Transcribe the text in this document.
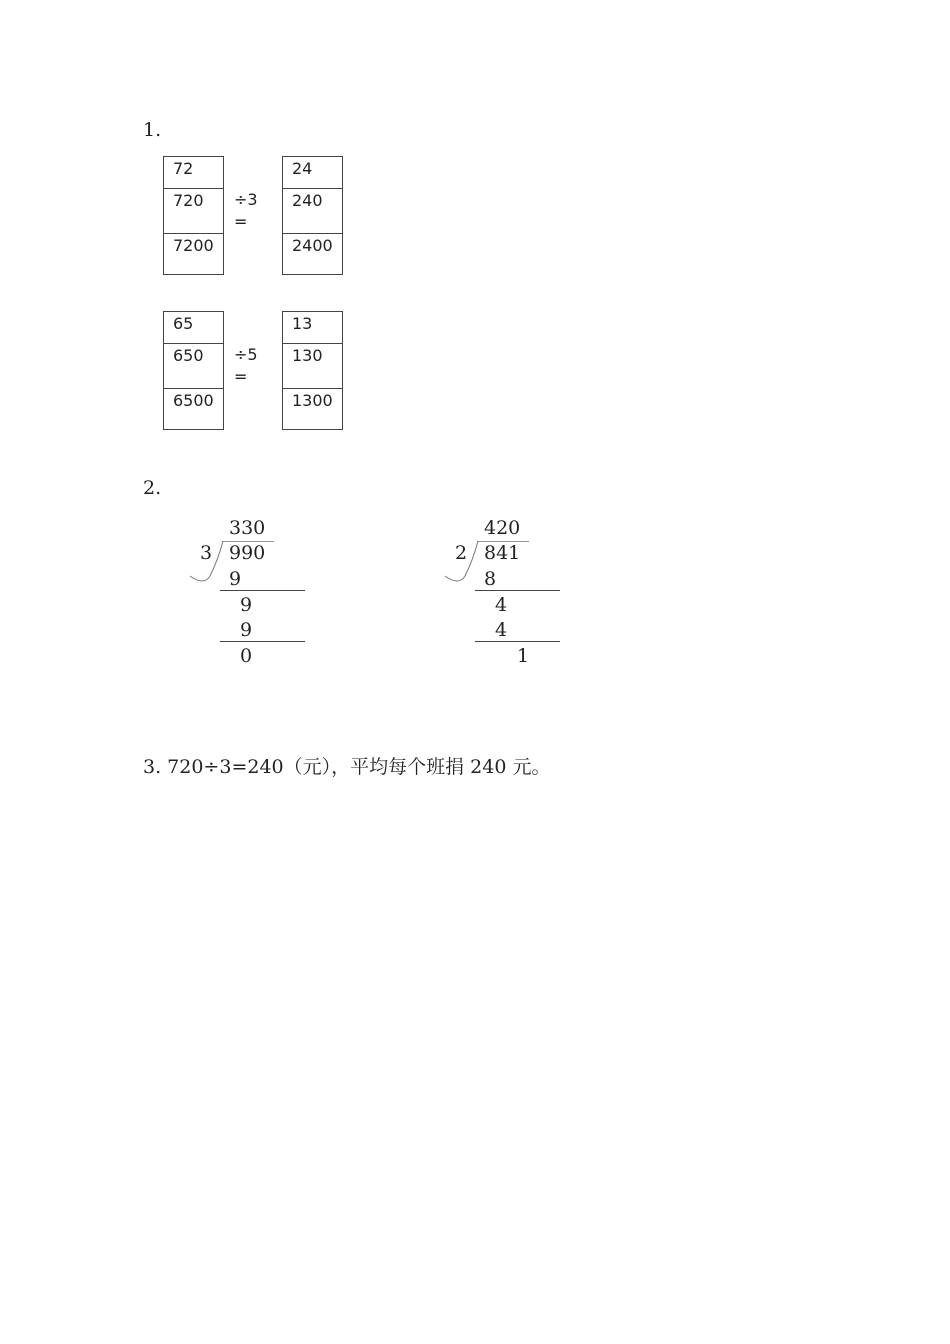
1.
72
720
7200
÷3=
24
240
2400
65
650
6500
÷5=
13
130
1300
2.
330
3 990
9
9
9
0
420
2 841
8
4
4
1
3. 720÷3=240（元），平均每个班捐 240 元。
